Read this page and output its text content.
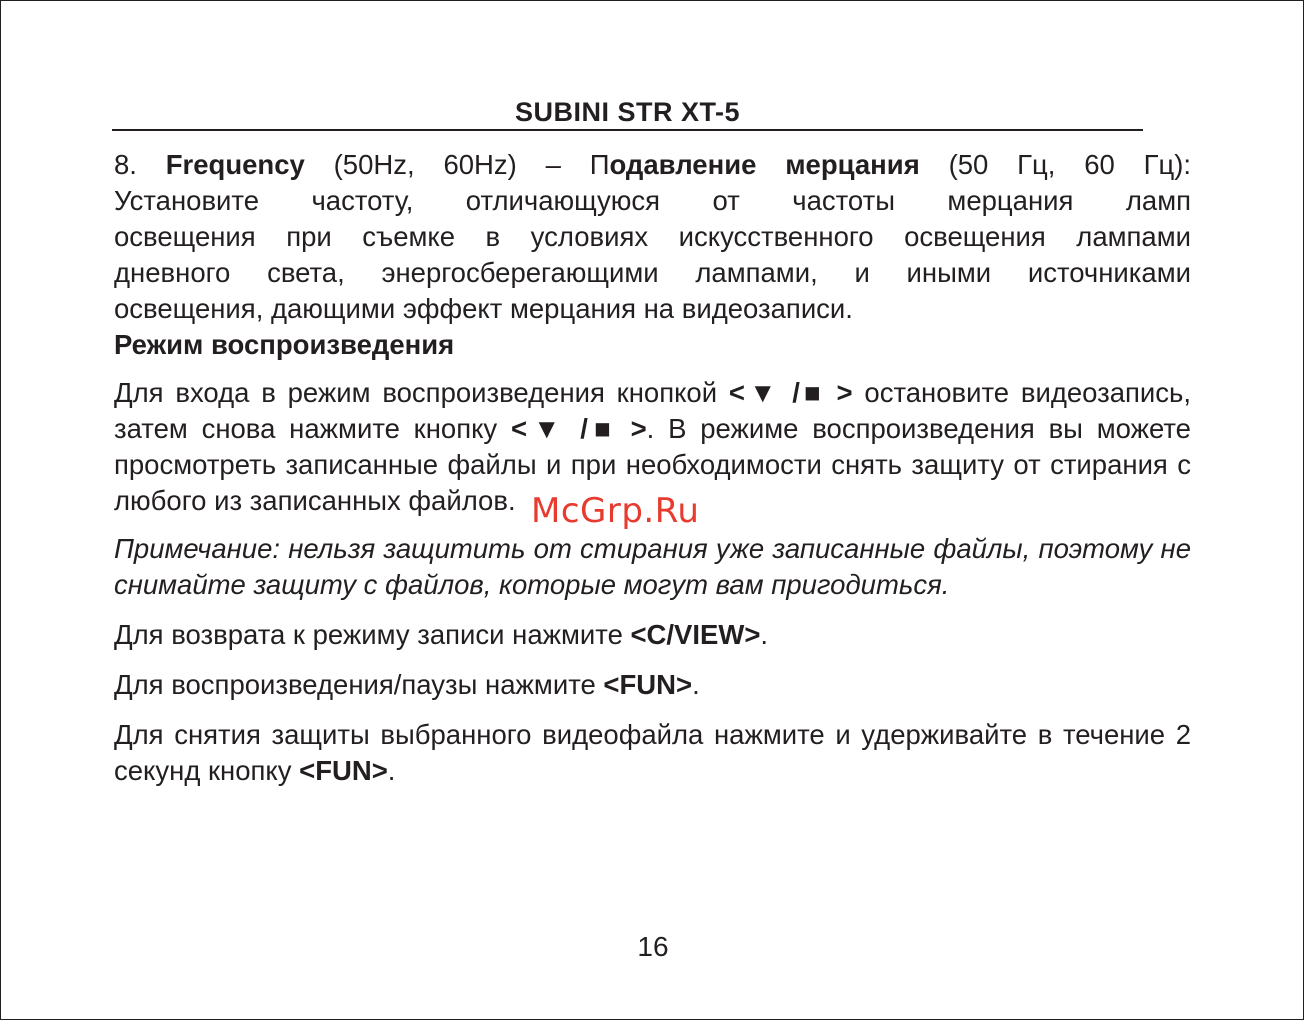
SUBINI STR XT-5

8. Frequency (50Hz, 60Hz) – Подавление мерцания (50 Гц, 60 Гц):

Установите частоту, отличающуюся от частоты мерцания ламп

освещения при съемке в условиях искусственного освещения лампами

дневного света, энергосберегающими лампами, и иными источниками

освещения, дающими эффект мерцания на видеозаписи.

Режим воспроизведения

Для входа в режим воспроизведения кнопкой <▼ /■ > остановите видеозапись, затем снова нажмите кнопку <▼ /■ >. В режиме воспроизведения вы можете просмотреть записанные файлы и при необходимости снять защиту от стирания с любого из записанных файлов.

Примечание: нельзя защитить от стирания уже записанные файлы, поэтому не снимайте защиту с файлов, которые могут вам пригодиться.

Для возврата к режиму записи нажмите <C/VIEW>.

Для воспроизведения/паузы нажмите <FUN>.

Для снятия защиты выбранного видеофайла нажмите и удерживайте в течение 2 секунд кнопку <FUN>.

McGrp.Ru
16
